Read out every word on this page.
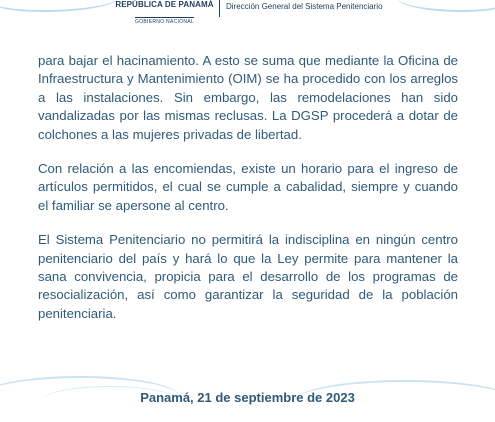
REPÚBLICA DE PANAMÁ
GOBIERNO NACIONAL
Dirección General del Sistema Penitenciario

para bajar el hacinamiento. A esto se suma que mediante la Oficina de Infraestructura y Mantenimiento (OIM) se ha procedido con los arreglos a las instalaciones. Sin embargo, las remodelaciones han sido vandalizadas por las mismas reclusas. La DGSP procederá a dotar de colchones a las mujeres privadas de libertad.

Con relación a las encomiendas, existe un horario para el ingreso de artículos permitidos, el cual se cumple a cabalidad, siempre y cuando el familiar se apersone al centro.

El Sistema Penitenciario no permitirá la indisciplina en ningún centro penitenciario del país y hará lo que la Ley permite para mantener la sana convivencia, propicia para el desarrollo de los programas de resocialización, así como garantizar la seguridad de la población penitenciaria.

Panamá, 21 de septiembre de 2023
